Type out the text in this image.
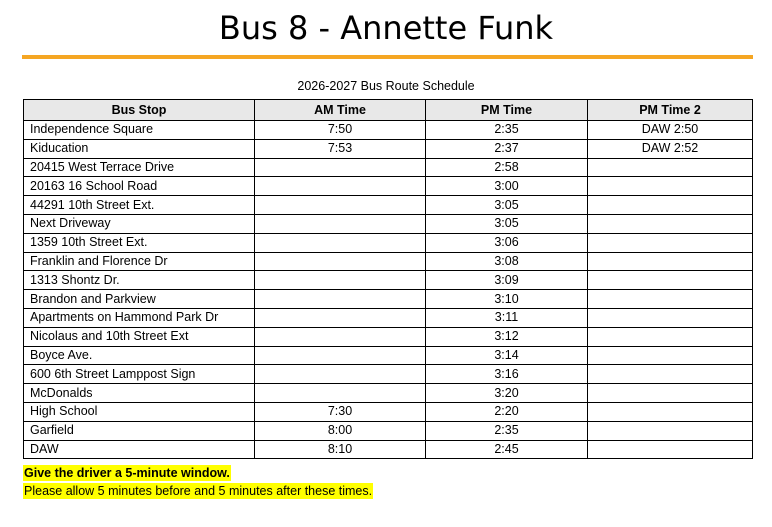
Bus 8 - Annette Funk
2026-2027 Bus Route Schedule
Bus Stop	AM Time	PM Time	PM Time 2
Independence Square	7:50	2:35	DAW 2:50
Kiducation	7:53	2:37	DAW 2:52
20415 West Terrace Drive		2:58	
20163 16 School Road		3:00	
44291 10th Street Ext.		3:05	
Next Driveway		3:05	
1359 10th Street Ext.		3:06	
Franklin and Florence Dr		3:08	
1313 Shontz Dr.		3:09	
Brandon and Parkview		3:10	
Apartments on Hammond Park Dr		3:11	
Nicolaus and 10th Street Ext		3:12	
Boyce Ave.		3:14	
600 6th Street Lamppost Sign		3:16	
McDonalds		3:20	
High School	7:30	2:20	
Garfield	8:00	2:35	
DAW	8:10	2:45	
Give the driver a 5-minute window.
Please allow 5 minutes before and 5 minutes after these times.
